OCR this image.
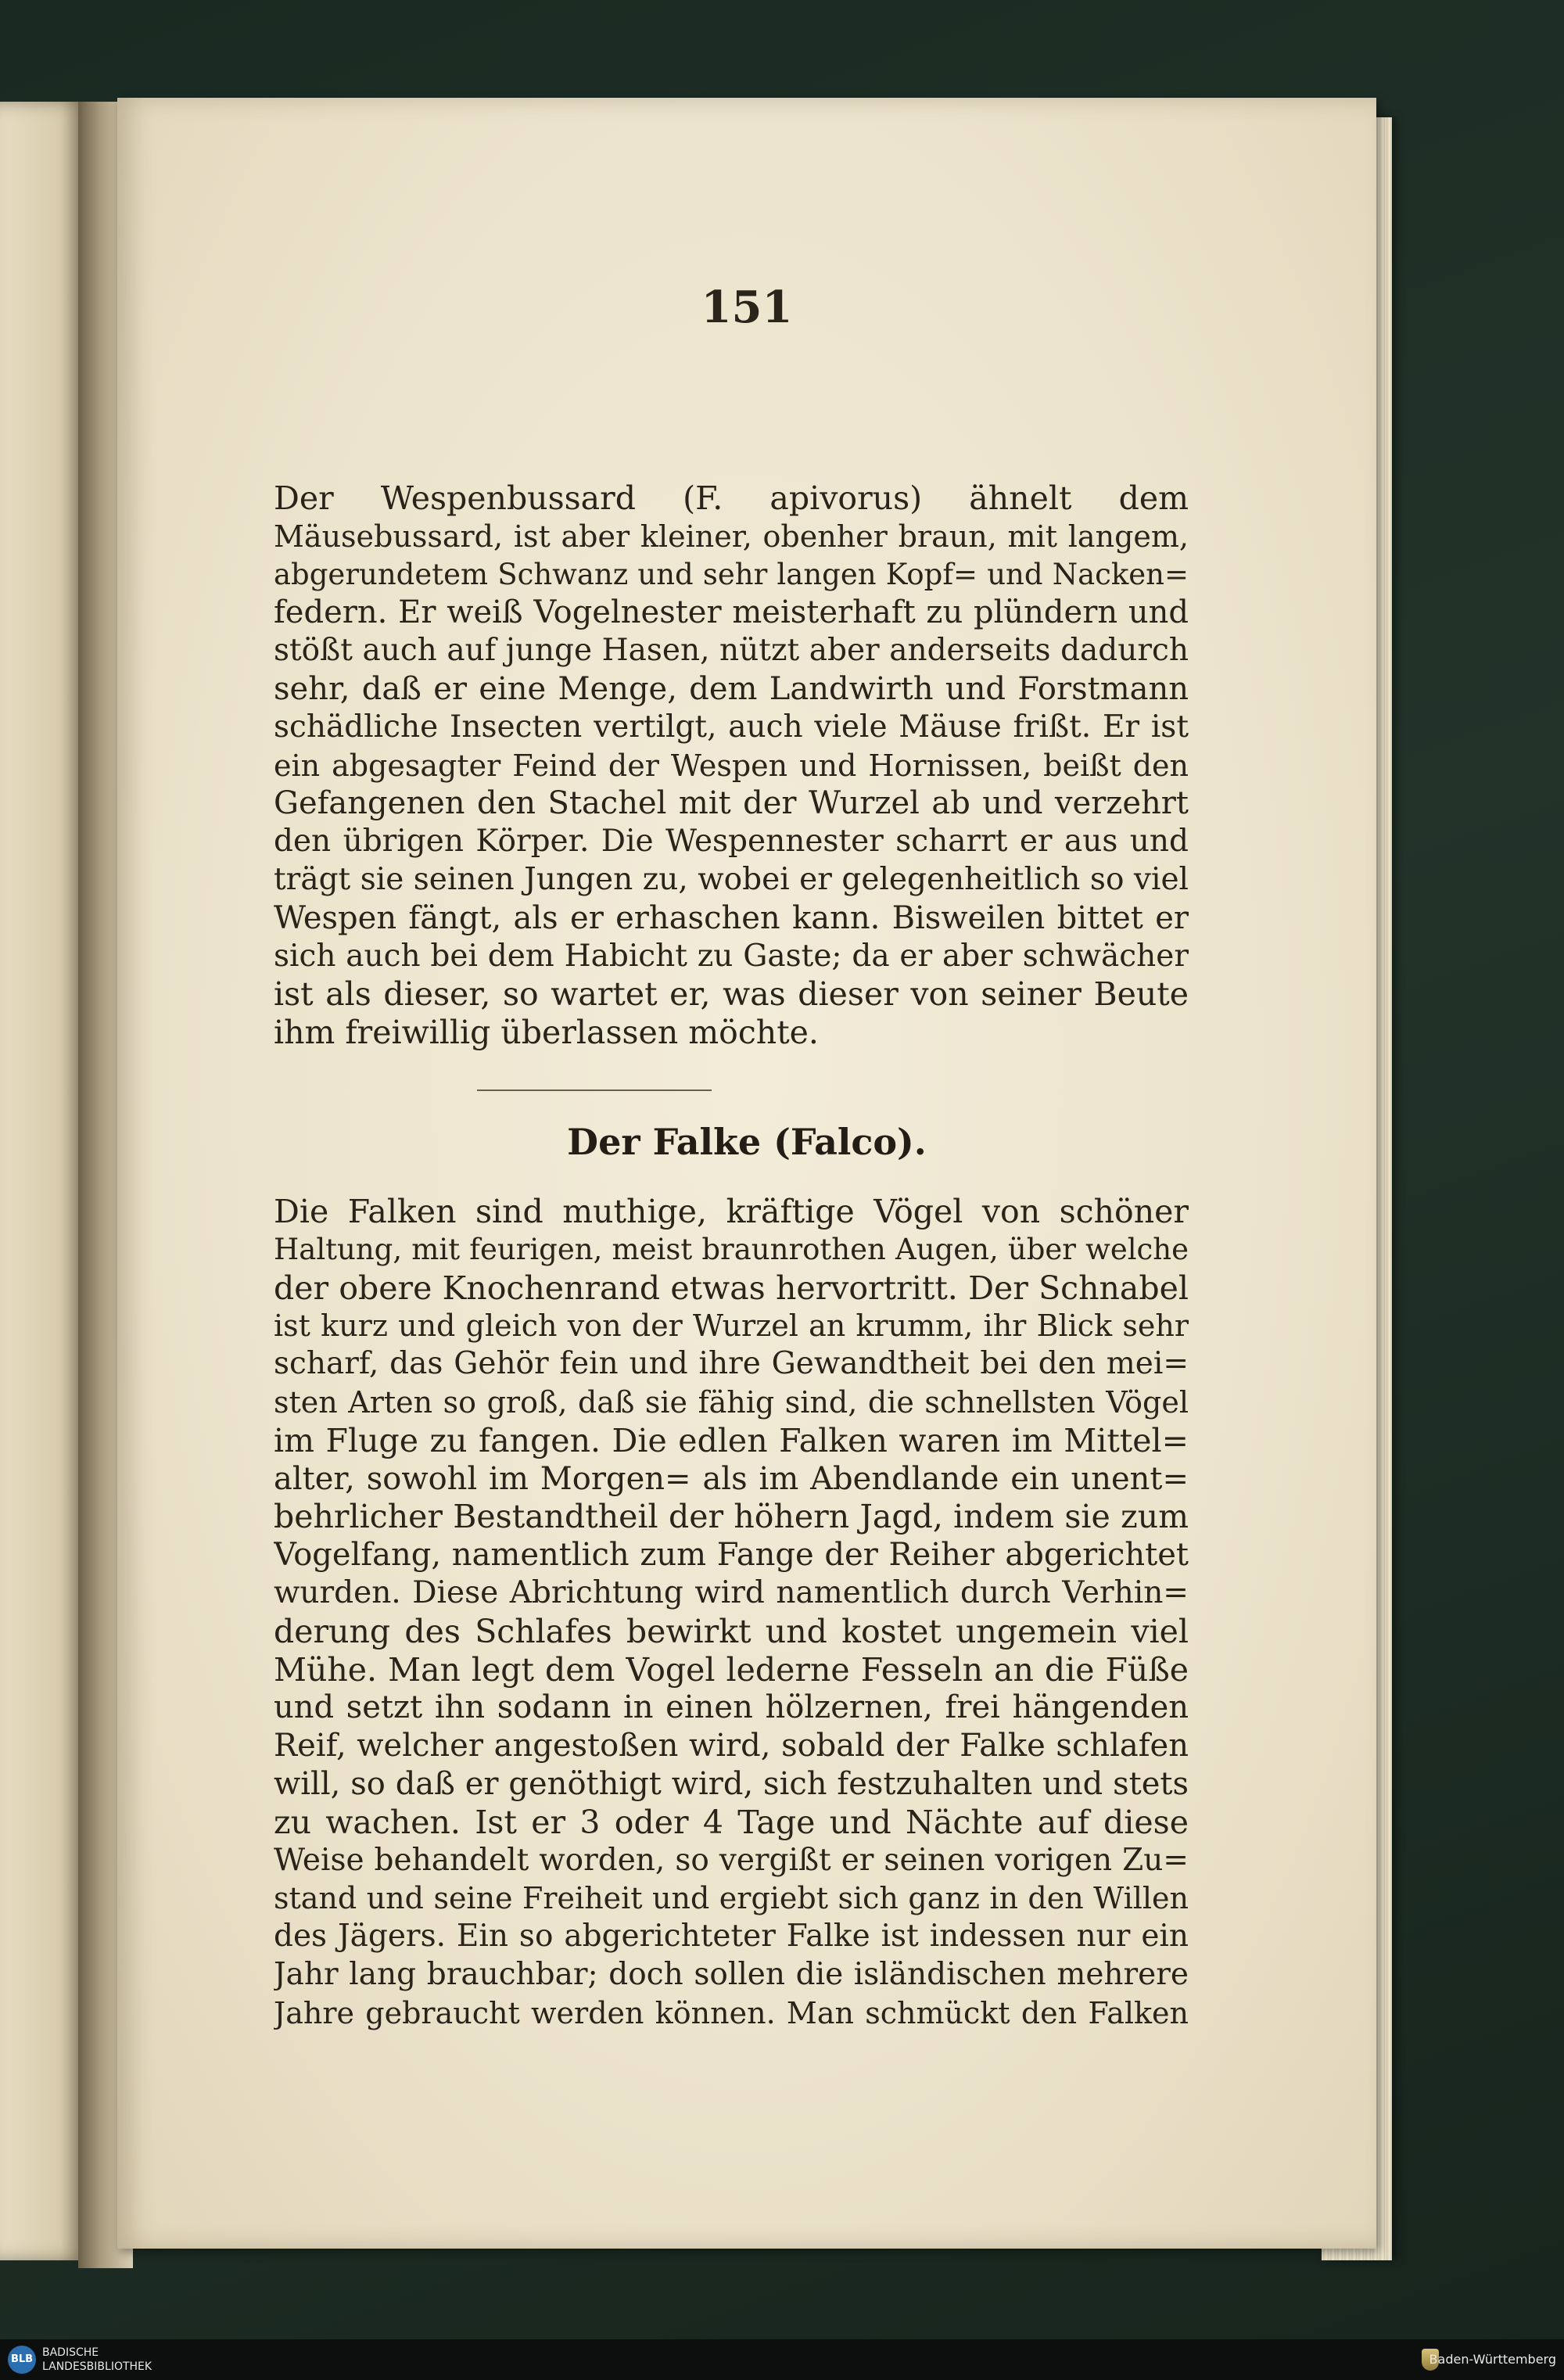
151
Der Wespenbussard (F. apivorus) ähnelt dem
Mäusebussard, ist aber kleiner, obenher braun, mit langem,
abgerundetem Schwanz und sehr langen Kopf= und Nacken=
federn. Er weiß Vogelnester meisterhaft zu plündern und
stößt auch auf junge Hasen, nützt aber anderseits dadurch
sehr, daß er eine Menge, dem Landwirth und Forstmann
schädliche Insecten vertilgt, auch viele Mäuse frißt. Er ist
ein abgesagter Feind der Wespen und Hornissen, beißt den
Gefangenen den Stachel mit der Wurzel ab und verzehrt
den übrigen Körper. Die Wespennester scharrt er aus und
trägt sie seinen Jungen zu, wobei er gelegenheitlich so viel
Wespen fängt, als er erhaschen kann. Bisweilen bittet er
sich auch bei dem Habicht zu Gaste; da er aber schwächer
ist als dieser, so wartet er, was dieser von seiner Beute
ihm freiwillig überlassen möchte.
Der Falke (Falco).
Die Falken sind muthige, kräftige Vögel von schöner
Haltung, mit feurigen, meist braunrothen Augen, über welche
der obere Knochenrand etwas hervortritt. Der Schnabel
ist kurz und gleich von der Wurzel an krumm, ihr Blick sehr
scharf, das Gehör fein und ihre Gewandtheit bei den mei=
sten Arten so groß, daß sie fähig sind, die schnellsten Vögel
im Fluge zu fangen. Die edlen Falken waren im Mittel=
alter, sowohl im Morgen= als im Abendlande ein unent=
behrlicher Bestandtheil der höhern Jagd, indem sie zum
Vogelfang, namentlich zum Fange der Reiher abgerichtet
wurden. Diese Abrichtung wird namentlich durch Verhin=
derung des Schlafes bewirkt und kostet ungemein viel
Mühe. Man legt dem Vogel lederne Fesseln an die Füße
und setzt ihn sodann in einen hölzernen, frei hängenden
Reif, welcher angestoßen wird, sobald der Falke schlafen
will, so daß er genöthigt wird, sich festzuhalten und stets
zu wachen. Ist er 3 oder 4 Tage und Nächte auf diese
Weise behandelt worden, so vergißt er seinen vorigen Zu=
stand und seine Freiheit und ergiebt sich ganz in den Willen
des Jägers. Ein so abgerichteter Falke ist indessen nur ein
Jahr lang brauchbar; doch sollen die isländischen mehrere
Jahre gebraucht werden können. Man schmückt den Falken
BLB
BADISCHE
LANDESBIBLIOTHEK	Baden-Württemberg
